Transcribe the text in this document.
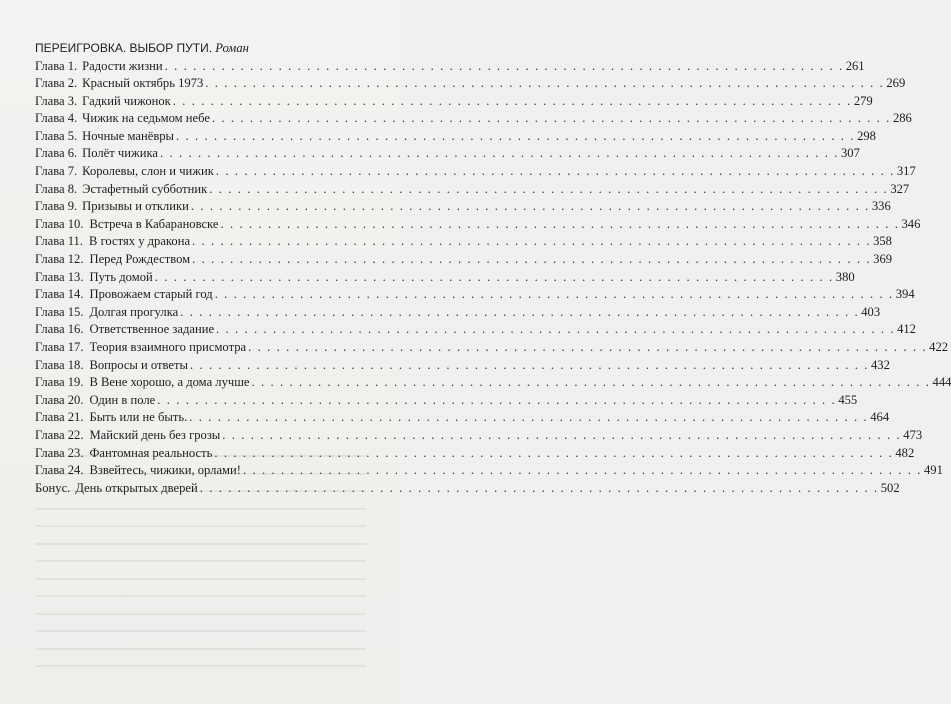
ПЕРЕИГРОВКА. ВЫБОР ПУТИ. Роман
Глава 1. Радости жизни . . .	261
Глава 2. Красный октябрь 1973 . . .	269
Глава 3. Гадкий чижонок . . .	279
Глава 4. Чижик на седьмом небе . . .	286
Глава 5. Ночные манёвры . . .	298
Глава 6. Полёт чижика . . .	307
Глава 7. Королевы, слон и чижик . . .	317
Глава 8. Эстафетный субботник . . .	327
Глава 9. Призывы и отклики . . .	336
Глава 10. Встреча в Кабарановске . . .	346
Глава 11. В гостях у дракона . . .	358
Глава 12. Перед Рождеством . . .	369
Глава 13. Путь домой . . .	380
Глава 14. Провожаем старый год . . .	394
Глава 15. Долгая прогулка . . .	403
Глава 16. Ответственное задание . . .	412
Глава 17. Теория взаимного присмотра . . .	422
Глава 18. Вопросы и ответы . . .	432
Глава 19. В Вене хорошо, а дома лучше . . .	444
Глава 20. Один в поле . . .	455
Глава 21. Быть или не быть. . . .	464
Глава 22. Майский день без грозы . . .	473
Глава 23. Фантомная реальность . . .	482
Глава 24. Взвейтесь, чижики, орлами! . . .	491
Бонус. День открытых дверей . . .	502
